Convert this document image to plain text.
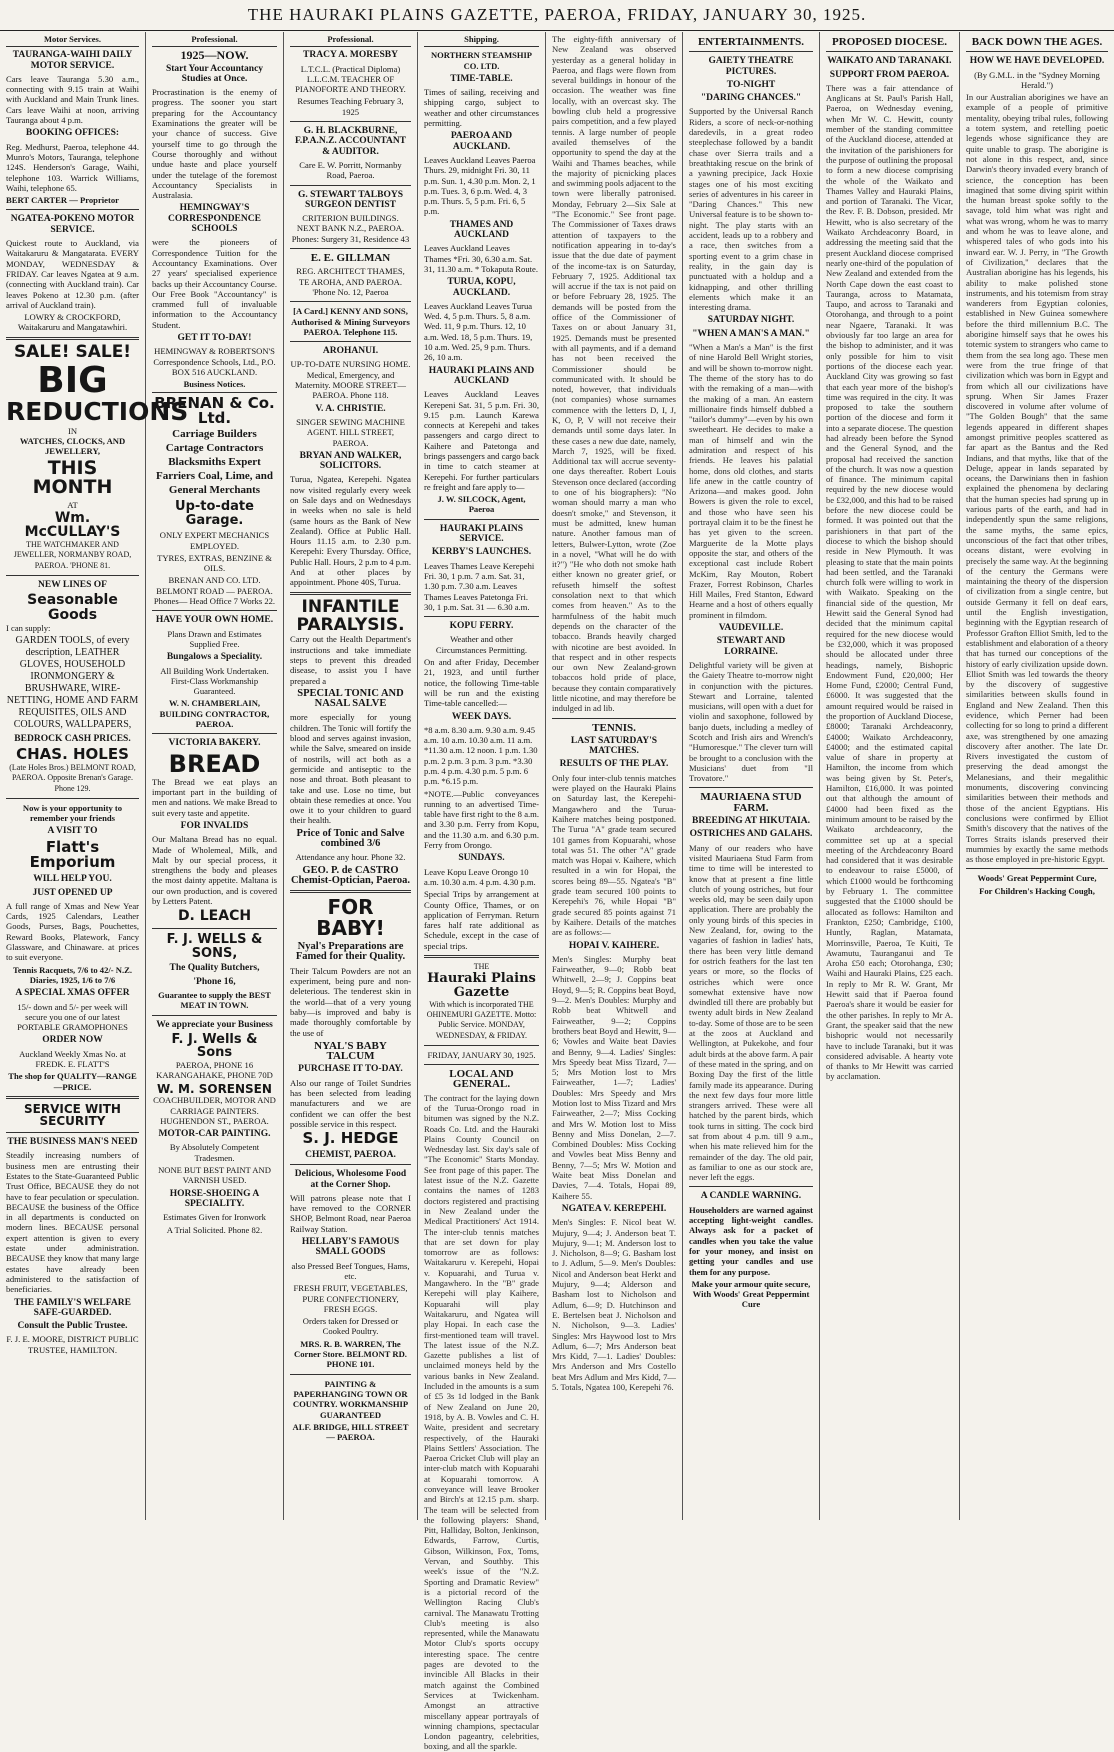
THE HAURAKI PLAINS GAZETTE, PAEROA, FRIDAY, JANUARY 30, 1925.
Motor Services.
TAURANGA-WAIHI DAILY MOTOR SERVICE.

Cars leave Tauranga 5.30 a.m., connecting with 9.15 train at Waihi with Auckland and Main Trunk lines. Cars leave Waihi at noon, arriving Tauranga about 4 p.m.

BOOKING OFFICES:

Reg. Medhurst, Paeroa, telephone 44. Munro's Motors, Tauranga, telephone 124S. Henderson's Garage, Waihi, telephone 103. Warrick Williams, Waihi, telephone 65.

BERT CARTER — Proprietor

NGATEA-POKENO MOTOR SERVICE.

Quickest route to Auckland, via Waitakaruru & Mangatarata. EVERY MONDAY, WEDNESDAY & FRIDAY. Car leaves Ngatea at 9 a.m. (connecting with Auckland train). Car leaves Pokeno at 12.30 p.m. (after arrival of Auckland train).

LOWRY & CROCKFORD, Waitakaruru and Mangatawhiri.

SALE! SALE!
BIG
REDUCTIONS
IN
WATCHES, CLOCKS, AND JEWELLERY,
THIS MONTH
AT
Wm. McCULLAY'S

THE WATCHMAKER AND JEWELLER, NORMANBY ROAD, PAEROA. 'PHONE 81.

NEW LINES OF
Seasonable Goods

I can supply:

GARDEN TOOLS, of every description, LEATHER GLOVES, HOUSEHOLD IRONMONGERY & BRUSHWARE, WIRE-NETTING, HOME AND FARM REQUISITES, OILS AND COLOURS, WALLPAPERS,

BEDROCK CASH PRICES.
CHAS. HOLES

(Late Holes Bros.) BELMONT ROAD, PAEROA. Opposite Brenan's Garage. Phone 129.

Now is your opportunity to remember your friends

A VISIT TO
Flatt's Emporium
WILL HELP YOU.
JUST OPENED UP

A full range of Xmas and New Year Cards, 1925 Calendars, Leather Goods, Purses, Bags, Pouchettes, Reward Books, Platework, Fancy Glassware, and Chinaware. at prices to suit everyone.

Tennis Racquets, 7/6 to 42/- N.Z. Diaries, 1925, 1/6 to 7/6

A SPECIAL XMAS OFFER

15/- down and 5/- per week will secure you one of our latest PORTABLE GRAMOPHONES

ORDER NOW

Auckland Weekly Xmas No. at FREDK. E. FLATT'S

The shop for QUALITY—RANGE—PRICE.

SERVICE WITH SECURITY
THE BUSINESS MAN'S NEED

Steadily increasing numbers of business men are entrusting their Estates to the State-Guaranteed Public Trust Office, BECAUSE they do not have to fear peculation or speculation. BECAUSE the business of the Office in all departments is conducted on modern lines. BECAUSE personal expert attention is given to every estate under administration. BECAUSE they know that many large estates have already been administered to the satisfaction of beneficiaries.

THE FAMILY'S WELFARE SAFE-GUARDED.
Consult the Public Trustee.

F. J. E. MOORE, DISTRICT PUBLIC TRUSTEE, HAMILTON.

Professional.
1925—NOW.
Start Your Accountancy Studies at Once.

Procrastination is the enemy of progress. The sooner you start preparing for the Accountancy Examinations the greater will be your chance of success. Give yourself time to go through the Course thoroughly and without undue haste and place yourself under the tutelage of the foremost Accountancy Specialists in Australasia.

HEMINGWAY'S CORRESPONDENCE SCHOOLS

were the pioneers of Correspondence Tuition for the Accountancy Examinations. Over 27 years' specialised experience backs up their Accountancy Course. Our Free Book "Accountancy" is crammed full of invaluable information to the Accountancy Student.

GET IT TO-DAY!

HEMINGWAY & ROBERTSON'S Correspondence Schools, Ltd., P.O. BOX 516 AUCKLAND.

Business Notices.
BRENAN & Co. Ltd.

Carriage Builders Cartage Contractors Blacksmiths Expert Farriers Coal, Lime, and General Merchants

Up-to-date Garage.

ONLY EXPERT MECHANICS EMPLOYED.

TYRES, EXTRAS, BENZINE & OILS.

BRENAN AND CO. LTD. BELMONT ROAD — PAEROA. Phones— Head Office 7 Works 22.

HAVE YOUR OWN HOME.

Plans Drawn and Estimates Supplied Free.

Bungalows a Speciality.

All Building Work Undertaken. First-Class Workmanship Guaranteed.

W. N. CHAMBERLAIN, BUILDING CONTRACTOR, PAEROA.

VICTORIA BAKERY.
BREAD

The Bread we eat plays an important part in the building of men and nations. We make Bread to suit every taste and appetite.

FOR INVALIDS

Our Maltana Bread has no equal. Made of Wholemeal, Milk, and Malt by our special process, it strengthens the body and pleases the most dainty appetite. Maltana is our own production, and is covered by Letters Patent.

D. LEACH
F. J. WELLS & SONS,
The Quality Butchers,
'Phone 16,

Guarantee to supply the BEST MEAT IN TOWN.

We appreciate your Business
F. J. Wells & Sons

PAEROA, PHONE 16 KARANGAHAKE, PHONE 70D

W. M. SORENSEN

COACHBUILDER, MOTOR AND CARRIAGE PAINTERS. HUGHENDON ST., PAEROA.

MOTOR-CAR PAINTING.

By Absolutely Competent Tradesmen.

NONE BUT BEST PAINT AND VARNISH USED.

HORSE-SHOEING A SPECIALITY.

Estimates Given for Ironwork

A Trial Solicited. Phone 82.

Professional.
TRACY A. MORESBY

L.T.C.L. (Practical Diploma) L.L.C.M. TEACHER OF PIANOFORTE AND THEORY.

Resumes Teaching February 3, 1925

G. H. BLACKBURNE, F.P.A.N.Z. ACCOUNTANT & AUDITOR.

Care E. W. Porritt, Normanby Road, Paeroa.

G. STEWART TALBOYS SURGEON DENTIST

CRITERION BUILDINGS. NEXT BANK N.Z., PAEROA. Phones: Surgery 31, Residence 43

E. E. GILLMAN

REG. ARCHITECT THAMES, TE AROHA, AND PAEROA. 'Phone No. 12, Paeroa

[A Card.] KENNY AND SONS, Authorised & Mining Surveyors PAEROA. Telephone 115.

AROHANUI.

UP-TO-DATE NURSING HOME. Medical, Emergency, and Maternity. MOORE STREET—PAEROA. Phone 118.

V. A. CHRISTIE.

SINGER SEWING MACHINE AGENT. HILL STREET, PAEROA.

BRYAN AND WALKER, SOLICITORS.

Turua, Ngatea, Kerepehi. Ngatea now visited regularly every week on Sale days and on Wednesdays in weeks when no sale is held (same hours as the Bank of New Zealand). Office at Public Hall. Hours 11.15 a.m. to 2.30 p.m. Kerepehi: Every Thursday. Office, Public Hall. Hours, 2 p.m to 4 p.m. And at other places by appointment. Phone 40S, Turua.

INFANTILE PARALYSIS.

Carry out the Health Department's instructions and take immediate steps to prevent this dreaded disease, to assist you I have prepared a

SPECIAL TONIC AND NASAL SALVE

more especially for young children. The Tonic will fortify the blood and serves against invasion, while the Salve, smeared on inside of nostrils, will act both as a germicide and antiseptic to the nose and throat. Both pleasant to take and use. Lose no time, but obtain these remedies at once. You owe it to your children to guard their health.

Price of Tonic and Salve combined 3/6

Attendance any hour. Phone 32.

GEO. P. de CASTRO Chemist-Optician, Paeroa.
FOR BABY!
Nyal's Preparations are Famed for their Quality.

Their Talcum Powders are not an experiment, being pure and non-deleterious. The tenderest skin in the world—that of a very young baby—is improved and baby is made thoroughly comfortable by the use of

NYAL'S BABY TALCUM
PURCHASE IT TO-DAY.

Also our range of Toilet Sundries has been selected from leading manufacturers and we are confident we can offer the best possible service in this respect.

S. J. HEDGE
CHEMIST, PAEROA.
Delicious, Wholesome Food at the Corner Shop.

Will patrons please note that I have removed to the CORNER SHOP, Belmont Road, near Paeroa Railway Station.

HELLABY'S FAMOUS SMALL GOODS

also Pressed Beef Tongues, Hams, etc.

FRESH FRUIT, VEGETABLES, PURE CONFECTIONERY, FRESH EGGS.

Orders taken for Dressed or Cooked Poultry.

MRS. R. B. WARREN, The Corner Store. BELMONT RD. PHONE 101.

PAINTING & PAPERHANGING TOWN OR COUNTRY. WORKMANSHIP GUARANTEED

ALF. BRIDGE, HILL STREET — PAEROA.

Shipping.
NORTHERN STEAMSHIP CO. LTD.
TIME-TABLE.

Times of sailing, receiving and shipping cargo, subject to weather and other circumstances permitting.

PAEROA AND AUCKLAND.

Leaves Auckland Leaves Paeroa Thurs. 29, midnight Fri. 30, 11 p.m. Sun. 1, 4.30 p.m. Mon. 2, 1 p.m. Tues. 3, 6 p.m. Wed. 4, 3 p.m. Thurs. 5, 5 p.m. Fri. 6, 5 p.m.

THAMES AND AUCKLAND

Leaves Auckland Leaves Thames *Fri. 30, 6.30 a.m. Sat. 31, 11.30 a.m. * Tokaputa Route.

TURUA, KOPU, AUCKLAND.

Leaves Auckland Leaves Turua Wed. 4, 5 p.m. Thurs. 5, 8 a.m. Wed. 11, 9 p.m. Thurs. 12, 10 a.m. Wed. 18, 5 p.m. Thurs. 19, 10 a.m. Wed. 25, 9 p.m. Thurs. 26, 10 a.m.

HAURAKI PLAINS AND AUCKLAND

Leaves Auckland Leaves Kerepeni Sat. 31, 5 p.m. Fri. 30, 9.15 p.m. Launch Karewa connects at Kerepehi and takes passengers and cargo direct to Kaihere and Patetonga and brings passengers and cargo back in time to catch steamer at Kerepehi. For further particulars re freight and fare apply to—

J. W. SILCOCK, Agent, Paeroa

HAURAKI PLAINS SERVICE.
KERBY'S LAUNCHES.

Leaves Thames Leave Kerepehi Fri. 30, 1 p.m. 7 a.m. Sat. 31, 1.30 p.m. 7.30 a.m. Leaves Thames Leaves Patetonga Fri. 30, 1 p.m. Sat. 31 — 6.30 a.m.

KOPU FERRY.

Weather and other Circumstances Permitting.

On and after Friday, December 21, 1923, and until further notice, the following Time-table will be run and the existing Time-table cancelled:—

WEEK DAYS.

*8 a.m. 8.30 a.m. 9.30 a.m. 9.45 a.m. 10 a.m. 10.30 a.m. 11 a.m. *11.30 a.m. 12 noon. 1 p.m. 1.30 p.m. 2 p.m. 3 p.m. 3 p.m. *3.30 p.m. 4 p.m. 4.30 p.m. 5 p.m. 6 p.m. *6.15 p.m.

*NOTE.—Public conveyances running to an advertised Time-table have first right to the 8 a.m. and 3.30 p.m. Ferry from Kopu, and the 11.30 a.m. and 6.30 p.m. Ferry from Orongo.

SUNDAYS.

Leave Kopu Leave Orongo 10 a.m. 10.30 a.m. 4 p.m. 4.30 p.m.

Special Trips by arrangement at County Office, Thames, or on application of Ferryman. Return fares half rate additional as Schedule, except in the case of special trips.

THE
Hauraki Plains Gazette

With which is incorporated THE OHINEMURI GAZETTE. Motto: Public Service. MONDAY, WEDNESDAY, & FRIDAY.

FRIDAY, JANUARY 30, 1925.

LOCAL AND GENERAL.

The contract for the laying down of the Turua-Orongo road in bitumen was signed by the N.Z. Roads Co. Ltd. and the Hauraki Plains County Council on Wednesday last. Six day's sale of "The Economic" Starts Monday. See front page of this paper. The latest issue of the N.Z. Gazette contains the names of 1283 doctors registered and practising in New Zealand under the Medical Practitioners' Act 1914. The inter-club tennis matches that are set down for play tomorrow are as follows: Waitakaruru v. Kerepehi, Hopai v. Kopuarahi, and Turua v. Mangawhero. In the "B" grade Kerepehi will play Kaihere, Kopuarahi will play Waitakaruru, and Ngatea will play Hopai. In each case the first-mentioned team will travel. The latest issue of the N.Z. Gazette publishes a list of unclaimed moneys held by the various banks in New Zealand. Included in the amounts is a sum of £5 3s 1d lodged in the Bank of New Zealand on June 20, 1918, by A. B. Vowles and C. H. Waite, president and secretary respectively, of the Hauraki Plains Settlers' Association. The Paeroa Cricket Club will play an inter-club match with Kopuarahi at Kopuarahi tomorrow. A conveyance will leave Brooker and Birch's at 12.15 p.m. sharp. The team will be selected from the following players: Shand, Pitt, Halliday, Bolton, Jenkinson, Edwards, Farrow, Curtis, Gibson, Wilkinson, Fox, Toms, Vervan, and Southby. This week's issue of the "N.Z. Sporting and Dramatic Review" is a pictorial record of the Wellington Racing Club's carnival. The Manawatu Trotting Club's meeting is also represented, while the Manawatu Motor Club's sports occupy interesting space. The centre pages are devoted to the invincible All Blacks in their match against the Combined Services at Twickenham. Amongst an attractive miscellany appear portrayals of winning champions, spectacular London pageantry, celebrities, boxing, and all the sparkle.

The eighty-fifth anniversary of New Zealand was observed yesterday as a general holiday in Paeroa, and flags were flown from several buildings in honour of the occasion. The weather was fine locally, with an overcast sky. The bowling club held a progressive pairs competition, and a few played tennis. A large number of people availed themselves of the opportunity to spend the day at the Waihi and Thames beaches, while the majority of picnicking places and swimming pools adjacent to the town were liberally patronised. Monday, February 2—Six Sale at "The Economic." See front page. The Commissioner of Taxes draws attention of taxpayers to the notification appearing in to-day's issue that the due date of payment of the income-tax is on Saturday, February 7, 1925. Additional tax will accrue if the tax is not paid on or before February 28, 1925. The demands will be posted from the office of the Commissioner of Taxes on or about January 31, 1925. Demands must be presented with all payments, and if a demand has not been received the Commissioner should be communicated with. It should be noted, however, that individuals (not companies) whose surnames commence with the letters D, I, J, K, O, P, V will not receive their demands until some days later. In these cases a new due date, namely, March 7, 1925, will be fixed. Additional tax will accrue seventy-one days thereafter. Robert Louis Stevenson once declared (according to one of his biographers): "No woman should marry a man who doesn't smoke," and Stevenson, it must be admitted, knew human nature. Another famous man of letters, Bulwer-Lytton, wrote (Zoe in a novel, "What will he do with it?") "He who doth not smoke hath either known no greater grief, or refuseth himself the softest consolation next to that which comes from heaven." As to the harmfulness of the habit much depends on the character of the tobacco. Brands heavily charged with nicotine are best avoided. In that respect and in other respects our own New Zealand-grown tobaccos hold pride of place, because they contain comparatively little nicotine, and may therefore be indulged in ad lib.

TENNIS.
LAST SATURDAY'S MATCHES.
RESULTS OF THE PLAY.

Only four inter-club tennis matches were played on the Hauraki Plains on Saturday last, the Kerepehi-Mangawhero and the Turua-Kaihere matches being postponed. The Turua "A" grade team secured 101 games from Kopuarahi, whose total was 51. The other "A" grade match was Hopai v. Kaihere, which resulted in a win for Hopai, the scores being 89—55. Ngatea's "B" grade team secured 100 points to Kerepehi's 76, while Hopai "B" grade secured 85 points against 71 by Kaihere. Details of the matches are as follows:—

HOPAI V. KAIHERE.

Men's Singles: Murphy beat Fairweather, 9—0; Robb beat Whitwell, 2—9; J. Coppins beat Hoyd, 9—5; R. Coppins beat Boyd, 9—2. Men's Doubles: Murphy and Robb beat Whitwell and Fairweather, 9—2; Coppins brothers beat Boyd and Hewitt, 9—6; Vowles and Waite beat Davies and Benny, 9—4. Ladies' Singles: Mrs Speedy beat Miss Tizard, 7—5; Mrs Motion lost to Mrs Fairweather, 1—7; Ladies' Doubles: Mrs Speedy and Mrs Motion lost to Miss Tizard and Mrs Fairweather, 2—7; Miss Cocking and Mrs W. Motion lost to Miss Benny and Miss Donelan, 2—7. Combined Doubles: Miss Cocking and Vowles beat Miss Benny and Benny, 7—5; Mrs W. Motion and Waite beat Miss Donelan and Davies, 7—4. Totals, Hopai 89, Kaihere 55.

NGATEA V. KEREPEHI.

Men's Singles: F. Nicol beat W. Mujury, 9—4; J. Anderson beat T. Mujury, 9—1; M. Anderson lost to J. Nicholson, 8—9; G. Basham lost to J. Adlum, 5—9. Men's Doubles: Nicol and Anderson beat Herkt and Mujury, 9—4; Alderson and Basham lost to Nicholson and Adlum, 6—9; D. Hutchinson and E. Bertelsen beat J. Nicholson and N. Nicholson, 9—3. Ladies' Singles: Mrs Haywood lost to Mrs Adlum, 6—7; Mrs Anderson beat Mrs Kidd, 7—1. Ladies' Doubles: Mrs Anderson and Mrs Costello beat Mrs Adlum and Mrs Kidd, 7—5. Totals, Ngatea 100, Kerepehi 76.

ENTERTAINMENTS.
GAIETY THEATRE PICTURES.
TO-NIGHT
"DARING CHANCES."

Supported by the Universal Ranch Riders, a score of neck-or-nothing daredevils, in a great rodeo steeplechase followed by a bandit chase over Sierra trails and a breathtaking rescue on the brink of a yawning precipice, Jack Hoxie stages one of his most exciting series of adventures in his career in "Daring Chances." This new Universal feature is to be shown to-night. The play starts with an accident, leads up to a robbery and a race, then switches from a sporting event to a grim chase in reality, in the gain day is punctuated with a holdup and a kidnapping, and other thrilling elements which make it an interesting drama.

SATURDAY NIGHT.
"WHEN A MAN'S A MAN."

"When a Man's a Man" is the first of nine Harold Bell Wright stories, and will be shown to-morrow night. The theme of the story has to do with the remaking of a man—with the making of a man. An eastern millionaire finds himself dubbed a "tailor's dummy"—even by his own sweetheart. He decides to make a man of himself and win the admiration and respect of his friends. He leaves his palatial home, dons old clothes, and starts life anew in the cattle country of Arizona—and makes good. John Bowers is given the role to excel, and those who have seen his portrayal claim it to be the finest he has yet given to the screen. Marguerite de la Motte plays opposite the star, and others of the exceptional cast include Robert McKim, Ray Mouton, Robert Frazer, Forrest Robinson, Charles Hill Mailes, Fred Stanton, Edward Hearne and a host of others equally prominent in filmdom.

VAUDEVILLE.
STEWART AND LORRAINE.

Delightful variety will be given at the Gaiety Theatre to-morrow night in conjunction with the pictures. Stewart and Lorraine, talented musicians, will open with a duet for violin and saxophone, followed by banjo duets, including a medley of Scotch and Irish airs and Wrench's "Humoresque." The clever turn will be brought to a conclusion with the Musicians' duet from "Il Trovatore."

MAURIAENA STUD FARM.
BREEDING AT HIKUTAIA.
OSTRICHES AND GALAHS.

Many of our readers who have visited Mauriaena Stud Farm from time to time will be interested to know that at present a fine little clutch of young ostriches, but four weeks old, may be seen daily upon application. There are probably the only young birds of this species in New Zealand, for, owing to the vagaries of fashion in ladies' hats, there has been very little demand for ostrich feathers for the last ten years or more, so the flocks of ostriches which were once somewhat extensive have now dwindled till there are probably but twenty adult birds in New Zealand to-day. Some of those are to be seen at the zoos at Auckland and Wellington, at Pukekohe, and four adult birds at the above farm. A pair of these mated in the spring, and on Boxing Day the first of the little family made its appearance. During the next few days four more little strangers arrived. These were all hatched by the parent birds, which took turns in sitting. The cock bird sat from about 4 p.m. till 9 a.m., when his mate relieved him for the remainder of the day. The old pair, as familiar to one as our stock are, never left the eggs.

A CANDLE WARNING.

Householders are warned against accepting light-weight candles. Always ask for a packet of candles when you take the value for your money, and insist on getting your candles and use them for any purpose.

Make your armour quite secure, With Woods' Great Peppermint Cure

PROPOSED DIOCESE.
WAIKATO AND TARANAKI.
SUPPORT FROM PAEROA.

There was a fair attendance of Anglicans at St. Paul's Parish Hall, Paeroa, on Wednesday evening, when Mr W. C. Hewitt, county member of the standing committee of the Auckland diocese, attended at the invitation of the parishioners for the purpose of outlining the proposal to form a new diocese comprising the whole of the Waikato and Thames Valley and Hauraki Plains, and portion of Taranaki. The Vicar, the Rev. F. B. Dobson, presided. Mr Hewitt, who is also secretary of the Waikato Archdeaconry Board, in addressing the meeting said that the present Auckland diocese comprised nearly one-third of the population of New Zealand and extended from the North Cape down the east coast to Tauranga, across to Matamata, Taupo, and across to Taranaki and Otorohanga, and through to a point near Ngaere, Taranaki. It was obviously far too large an area for the bishop to administer, and it was only possible for him to visit portions of the diocese each year. Auckland City was growing so fast that each year more of the bishop's time was required in the city. It was proposed to take the southern portion of the diocese and form it into a separate diocese. The question had already been before the Synod and the General Synod, and the proposal had received the sanction of the church. It was now a question of finance. The minimum capital required by the new diocese would be £32,000, and this had to be raised before the new diocese could be formed. It was pointed out that the parishioners in that part of the diocese to which the bishop should reside in New Plymouth. It was pleasing to state that the main points had been settled, and the Taranaki church folk were willing to work in with Waikato. Speaking on the financial side of the question, Mr Hewitt said the General Synod had decided that the minimum capital required for the new diocese would be £32,000, which it was proposed should be allocated under three headings, namely, Bishopric Endowment Fund, £20,000; Her Home Fund, £2000; Central Fund, £6000. It was suggested that the amount required would be raised in the proportion of Auckland Diocese, £8000; Taranaki Archdeaconry, £4000; Waikato Archdeaconry, £4000; and the estimated capital value of share in property at Hamilton, the income from which was being given by St. Peter's, Hamilton, £16,000. It was pointed out that although the amount of £4000 had been fixed as the minimum amount to be raised by the Waikato archdeaconry, the committee set up at a special meeting of the Archdeaconry Board had considered that it was desirable to endeavour to raise £5000, of which £1000 would be forthcoming by February 1. The committee suggested that the £1000 should be allocated as follows: Hamilton and Frankton, £250; Cambridge, £100, Huntly, Raglan, Matamata, Morrinsville, Paeroa, Te Kuiti, Te Awamutu, Tauranganui and Te Aroha £50 each; Otorohanga, £30; Waihi and Hauraki Plains, £25 each. In reply to Mr R. W. Grant, Mr Hewitt said that if Paeroa found Paeroa's share it would be easier for the other parishes. In reply to Mr A. Grant, the speaker said that the new bishopric would not necessarily have to include Taranaki, but it was considered advisable. A hearty vote of thanks to Mr Hewitt was carried by acclamation.

BACK DOWN THE AGES.
HOW WE HAVE DEVELOPED.

(By G.M.L. in the "Sydney Morning Herald.")

In our Australian aborigines we have an example of a people of primitive mentality, obeying tribal rules, following a totem system, and retelling poetic legends whose significance they are quite unable to grasp. The aborigine is not alone in this respect, and, since Darwin's theory invaded every branch of science, the conception has been imagined that some diving spirit within the human breast spoke softly to the savage, told him what was right and what was wrong, whom he was to marry and whom he was to leave alone, and whispered tales of who gods into his inward ear. W. J. Perry, in "The Growth of Civilization," declares that the Australian aborigine has his legends, his ability to make polished stone instruments, and his totemism from stray wanderers from Egyptian colonies, established in New Guinea somewhere before the third millennium B.C. The aborigine himself says that he owes his totemic system to strangers who came to them from the sea long ago. These men were from the true fringe of that civilization which was born in Egypt and from which all our civilizations have sprung. When Sir James Frazer discovered in volume after volume of "The Golden Bough" that the same legends appeared in different shapes amongst primitive peoples scattered as far apart as the Bantus and the Red Indians, and that myths, like that of the Deluge, appear in lands separated by oceans, the Darwinians then in fashion explained the phenomena by declaring that the human species had sprung up in various parts of the earth, and had in independently spun the same religions, the same myths, the same epics, unconscious of the fact that other tribes, oceans distant, were evolving in precisely the same way. At the beginning of the century the Germans were maintaining the theory of the dispersion of civilization from a single centre, but outside Germany it fell on deaf ears, until the English investigation, beginning with the Egyptian research of Professor Grafton Elliot Smith, led to the establishment and elaboration of a theory that has turned our conceptions of the history of early civilization upside down. Elliot Smith was led towards the theory by the discovery of suggestive similarities between skulls found in England and New Zealand. Then this evidence, which Perner had been collecting for so long to prind a different axe, was strengthened by one amazing discovery after another. The late Dr. Rivers investigated the custom of preserving the dead amongst the Melanesians, and their megalithic monuments, discovering convincing similarities between their methods and those of the ancient Egyptians. His conclusions were confirmed by Elliot Smith's discovery that the natives of the Torres Straits islands preserved their mummies by exactly the same methods as those employed in pre-historic Egypt.

Woods' Great Peppermint Cure,

For Children's Hacking Cough,
